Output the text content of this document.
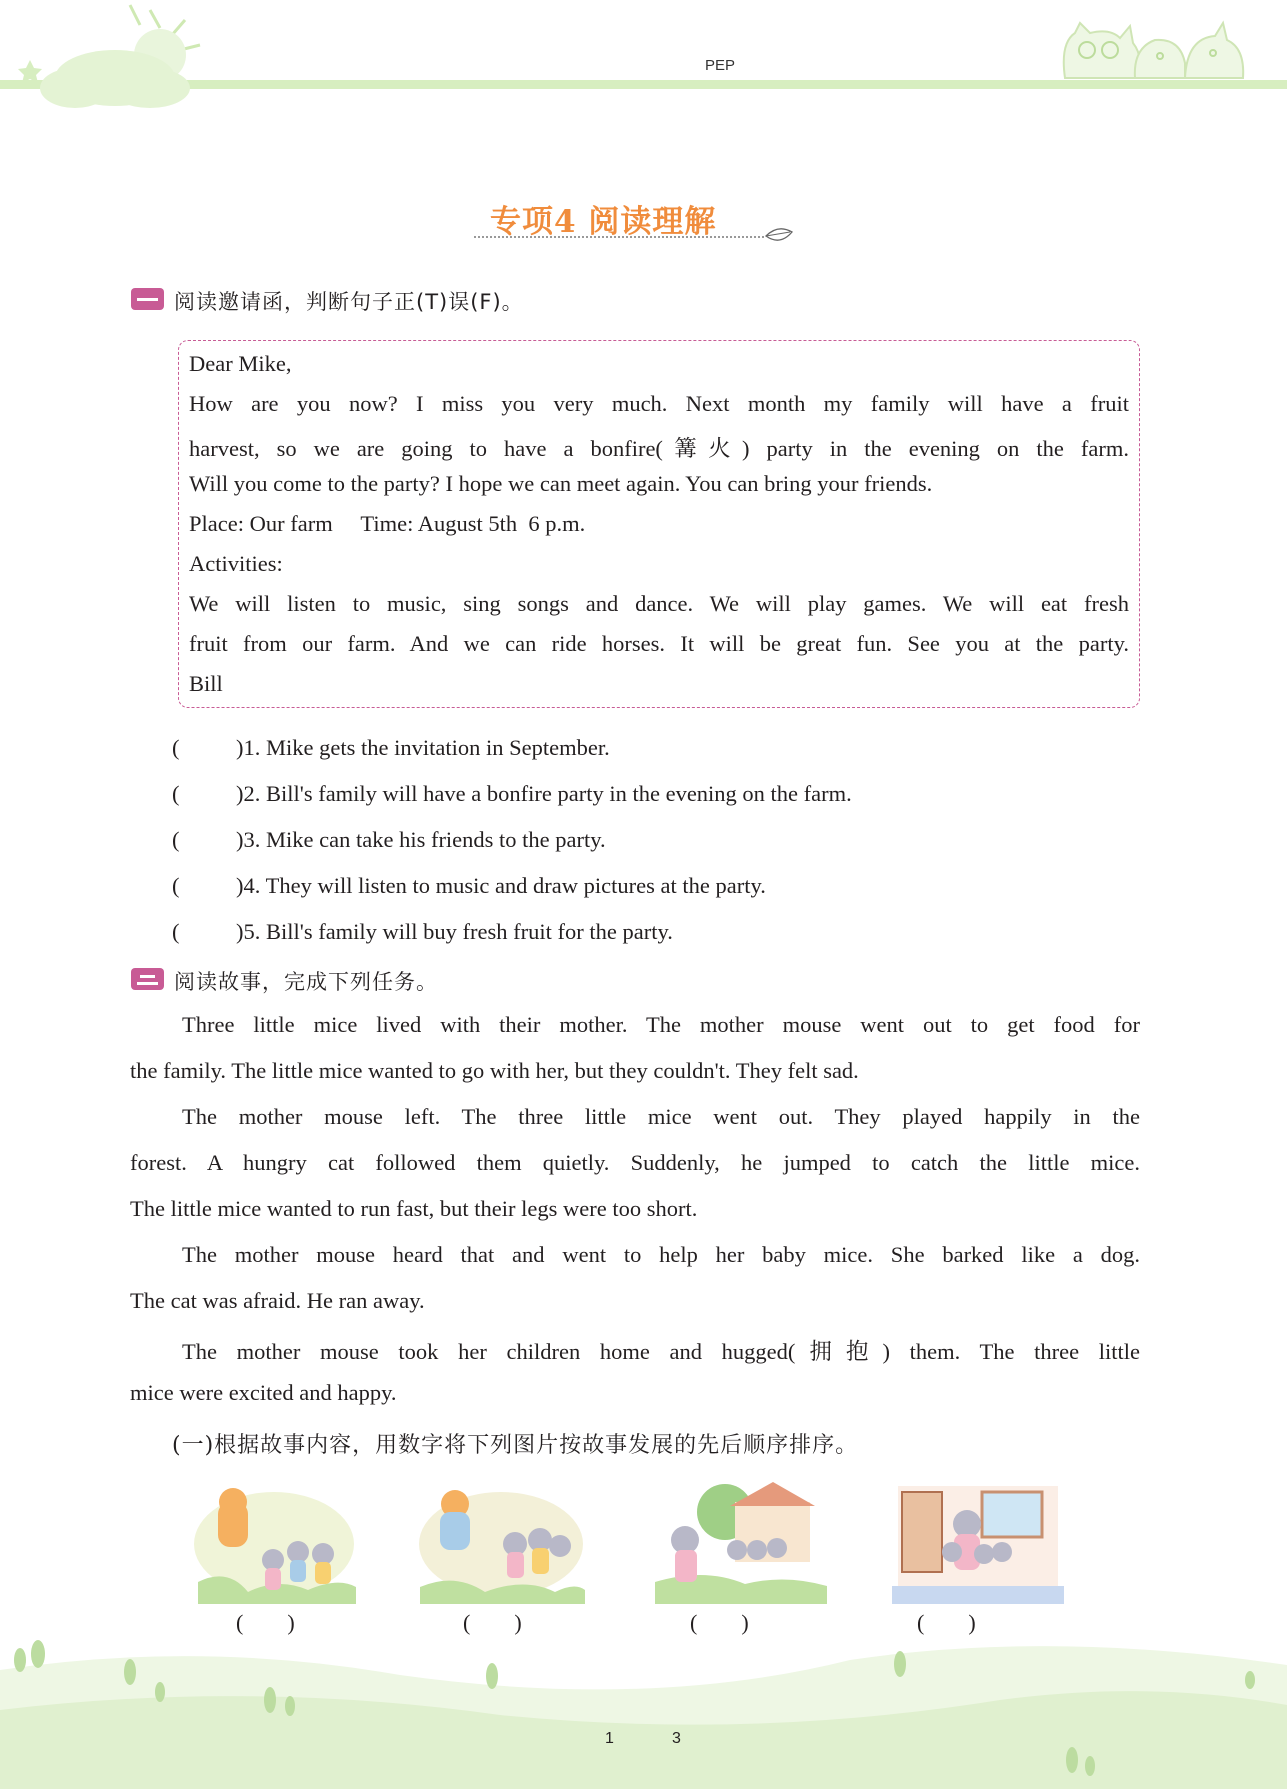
PEP
专项4 阅读理解
阅读邀请函，判断句子正(T)误(F)。
Dear Mike,
How are you now? I miss you very much. Next month my family will have a fruit
harvest, so we are going to have a bonfire(篝火) party in the evening on the farm.
Will you come to the party? I hope we can meet again. You can bring your friends.
Place: Our farm     Time: August 5th  6 p.m.
Activities:
We will listen to music, sing songs and dance. We will play games. We will eat fresh
fruit from our farm. And we can ride horses. It will be great fun. See you at the party.
Bill
(	)1. Mike gets the invitation in September.
(	)2. Bill's family will have a bonfire party in the evening on the farm.
(	)3. Mike can take his friends to the party.
(	)4. They will listen to music and draw pictures at the party.
(	)5. Bill's family will buy fresh fruit for the party.
阅读故事，完成下列任务。
Three little mice lived with their mother. The mother mouse went out to get food for
the family. The little mice wanted to go with her, but they couldn't. They felt sad.
The mother mouse left. The three little mice went out. They played happily in the
forest. A hungry cat followed them quietly. Suddenly, he jumped to catch the little mice.
The little mice wanted to run fast, but their legs were too short.
The mother mouse heard that and went to help her baby mice. She barked like a dog.
The cat was afraid. He ran away.
The mother mouse took her children home and hugged(拥抱) them. The three little
mice were excited and happy.
(一)根据故事内容，用数字将下列图片按故事发展的先后顺序排序。
(        )	(        )	(        )	(        )
1	3
